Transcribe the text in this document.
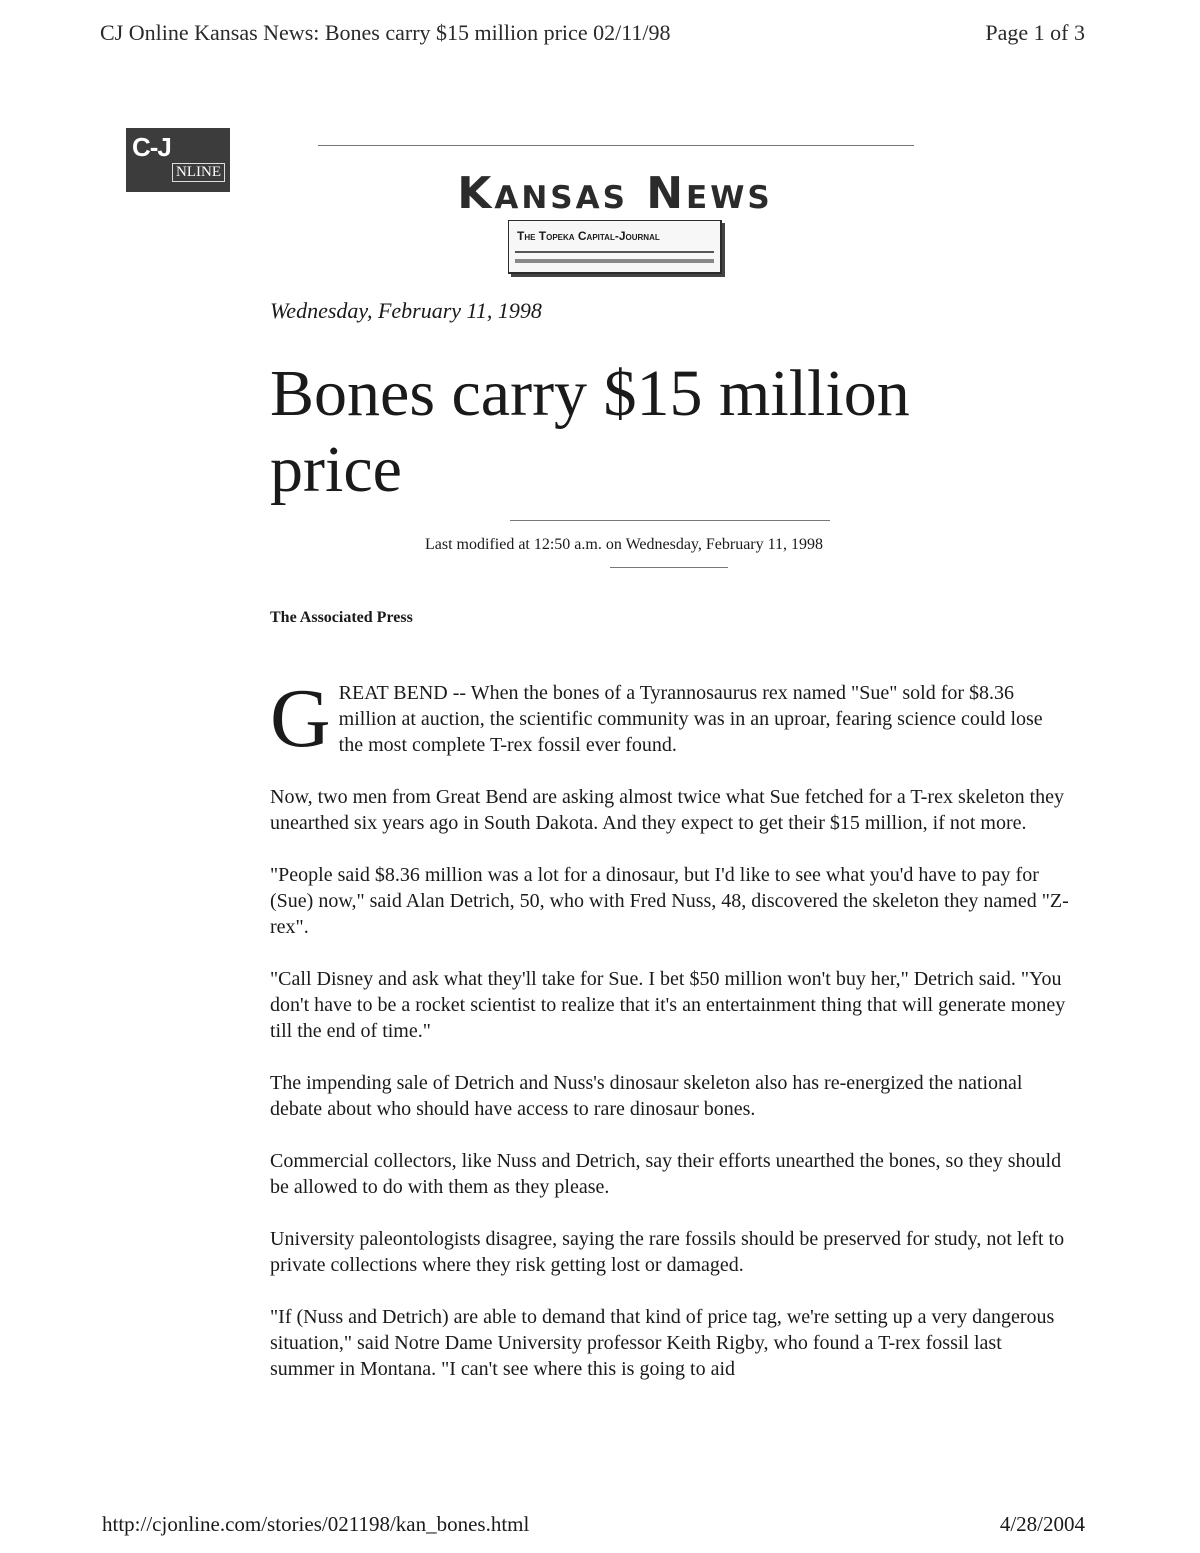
CJ Online Kansas News: Bones carry $15 million price 02/11/98	Page 1 of 3
C-J
NLINE	Kansas News
The Topeka Capital-Journal
Wednesday, February 11, 1998
Bones carry $15 million price
Last modified at 12:50 a.m. on Wednesday, February 11, 1998
The Associated Press

GREAT BEND -- When the bones of a Tyrannosaurus rex named "Sue" sold for $8.36 million at auction, the scientific community was in an uproar, fearing science could lose the most complete T-rex fossil ever found.

Now, two men from Great Bend are asking almost twice what Sue fetched for a T-rex skeleton they unearthed six years ago in South Dakota. And they expect to get their $15 million, if not more.

"People said $8.36 million was a lot for a dinosaur, but I'd like to see what you'd have to pay for (Sue) now," said Alan Detrich, 50, who with Fred Nuss, 48, discovered the skeleton they named "Z-rex".

"Call Disney and ask what they'll take for Sue. I bet $50 million won't buy her," Detrich said. "You don't have to be a rocket scientist to realize that it's an entertainment thing that will generate money till the end of time."

The impending sale of Detrich and Nuss's dinosaur skeleton also has re-energized the national debate about who should have access to rare dinosaur bones.

Commercial collectors, like Nuss and Detrich, say their efforts unearthed the bones, so they should be allowed to do with them as they please.

University paleontologists disagree, saying the rare fossils should be preserved for study, not left to private collections where they risk getting lost or damaged.

"If (Nuss and Detrich) are able to demand that kind of price tag, we're setting up a very dangerous situation," said Notre Dame University professor Keith Rigby, who found a T-rex fossil last summer in Montana. "I can't see where this is going to aid

http://cjonline.com/stories/021198/kan_bones.html	4/28/2004
